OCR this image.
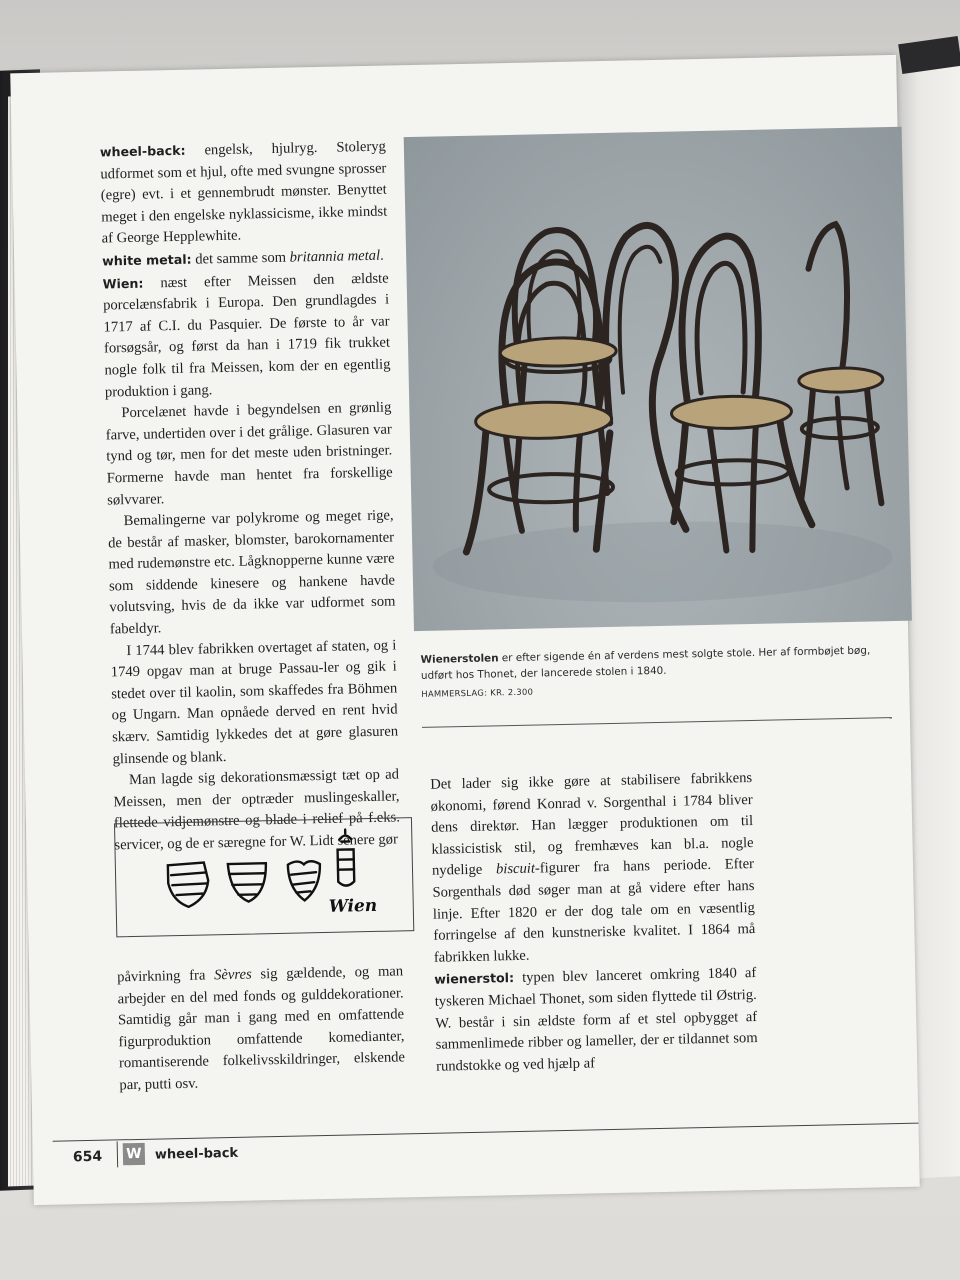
wheel-back: engelsk, hjulryg. Stoleryg udformet som et hjul, ofte med svungne sprosser (egre) evt. i et gennembrudt mønster. Benyttet meget i den engelske nyklassicisme, ikke mindst af George Hepplewhite.

white metal: det samme som britannia metal.

Wien: næst efter Meissen den ældste porcelænsfabrik i Europa. Den grundlagdes i 1717 af C.I. du Pasquier. De første to år var forsøgsår, og først da han i 1719 fik trukket nogle folk til fra Meissen, kom der en egentlig produktion i gang.

Porcelænet havde i begyndelsen en grønlig farve, undertiden over i det grålige. Glasuren var tynd og tør, men for det meste uden bristninger. Formerne havde man hentet fra forskellige sølvvarer.

Bemalingerne var polykrome og meget rige, de består af masker, blomster, barokornamenter med rudemønstre etc. Lågknopperne kunne være som siddende kinesere og hankene havde volutsving, hvis de da ikke var udformet som fabeldyr.

I 1744 blev fabrikken overtaget af staten, og i 1749 opgav man at bruge Passau-ler og gik i stedet over til kaolin, som skaffedes fra Böhmen og Ungarn. Man opnåede derved en rent hvid skærv. Samtidig lykkedes det at gøre glasuren glinsende og blank.

Man lagde sig dekorationsmæssigt tæt op ad Meissen, men der optræder muslingeskaller, flettede vidjemønstre og blade i relief på f.eks. servicer, og de er særegne for W. Lidt senere gør

Wien

påvirkning fra Sèvres sig gældende, og man arbejder en del med fonds og gulddekorationer. Samtidig går man i gang med en omfattende figurproduktion omfattende komedianter, romantiserende folkelivsskildringer, elskende par, putti osv.

Wienerstolen er efter sigende én af verdens mest solgte stole. Her af formbøjet bøg, udført hos Thonet, der lancerede stolen i 1840.
HAMMERSLAG: KR. 2.300

Det lader sig ikke gøre at stabilisere fabrikkens økonomi, førend Konrad v. Sorgenthal i 1784 bliver dens direktør. Han lægger produktionen om til klassicistisk stil, og fremhæves kan bl.a. nogle nydelige biscuit-figurer fra hans periode. Efter Sorgenthals død søger man at gå videre efter hans linje. Efter 1820 er der dog tale om en væsentlig forringelse af den kunstneriske kvalitet. I 1864 må fabrikken lukke.

wienerstol: typen blev lanceret omkring 1840 af tyskeren Michael Thonet, som siden flyttede til Østrig. W. består i sin ældste form af et stel opbygget af sammenlimede ribber og lameller, der er tildannet som rundstokke og ved hjælp af

654 W wheel-back
